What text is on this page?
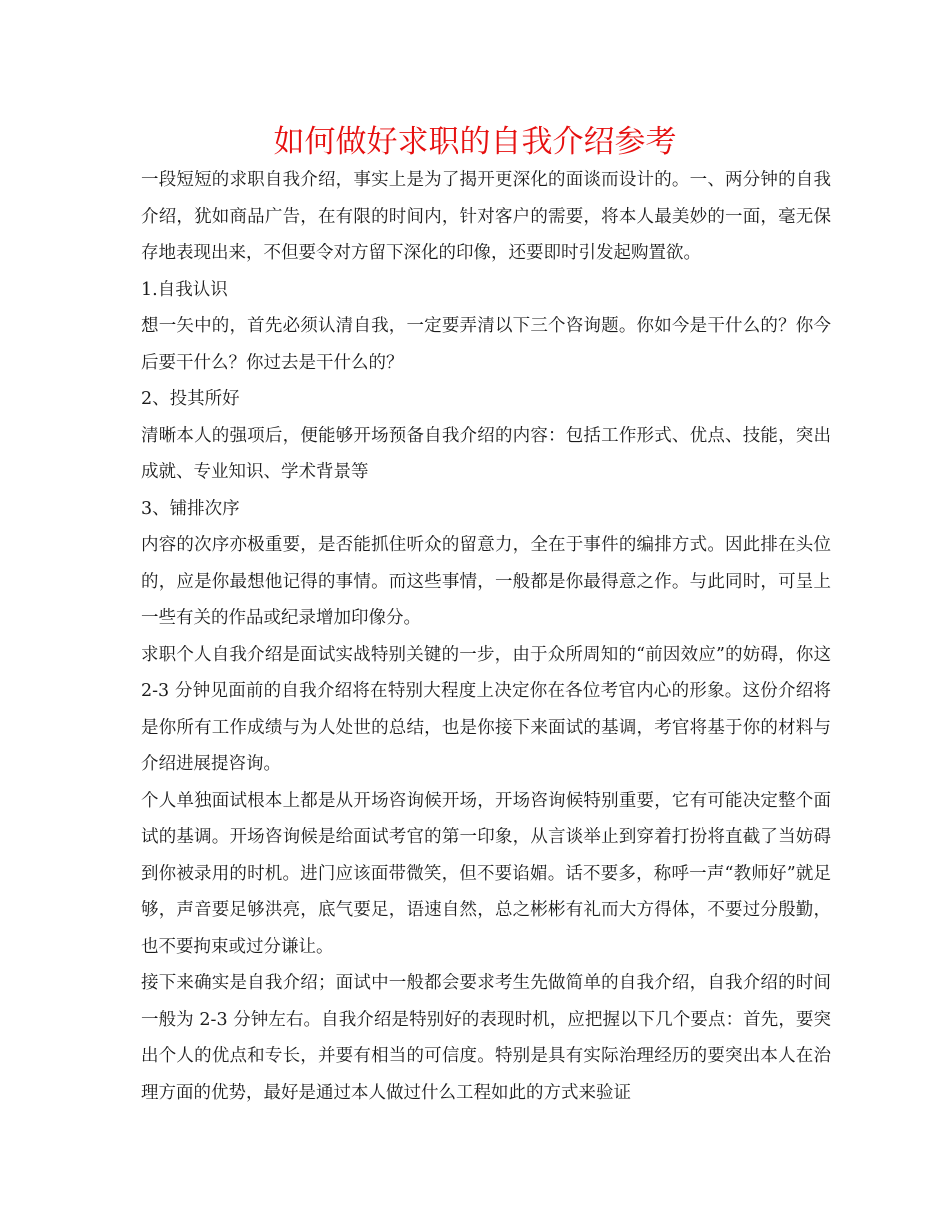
如何做好求职的自我介绍参考

一段短短的求职自我介绍，事实上是为了揭开更深化的面谈而设计的。一、两分钟的自我介绍，犹如商品广告，在有限的时间内，针对客户的需要，将本人最美妙的一面，毫无保存地表现出来，不但要令对方留下深化的印像，还要即时引发起购置欲。

1.自我认识

想一矢中的，首先必须认清自我，一定要弄清以下三个咨询题。你如今是干什么的？你今后要干什么？你过去是干什么的？

2、投其所好

清晰本人的强项后，便能够开场预备自我介绍的内容：包括工作形式、优点、技能，突出成就、专业知识、学术背景等

3、铺排次序

内容的次序亦极重要，是否能抓住听众的留意力，全在于事件的编排方式。因此排在头位的，应是你最想他记得的事情。而这些事情，一般都是你最得意之作。与此同时，可呈上一些有关的作品或纪录增加印像分。

求职个人自我介绍是面试实战特别关键的一步，由于众所周知的“前因效应”的妨碍，你这 2-3 分钟见面前的自我介绍将在特别大程度上决定你在各位考官内心的形象。这份介绍将是你所有工作成绩与为人处世的总结，也是你接下来面试的基调，考官将基于你的材料与介绍进展提咨询。

个人单独面试根本上都是从开场咨询候开场，开场咨询候特别重要，它有可能决定整个面试的基调。开场咨询候是给面试考官的第一印象，从言谈举止到穿着打扮将直截了当妨碍到你被录用的时机。进门应该面带微笑，但不要谄媚。话不要多，称呼一声“教师好”就足够，声音要足够洪亮，底气要足，语速自然，总之彬彬有礼而大方得体，不要过分殷勤，也不要拘束或过分谦让。

接下来确实是自我介绍；面试中一般都会要求考生先做简单的自我介绍，自我介绍的时间一般为 2-3 分钟左右。自我介绍是特别好的表现时机，应把握以下几个要点：首先，要突出个人的优点和专长，并要有相当的可信度。特别是具有实际治理经历的要突出本人在治理方面的优势，最好是通过本人做过什么工程如此的方式来验证
